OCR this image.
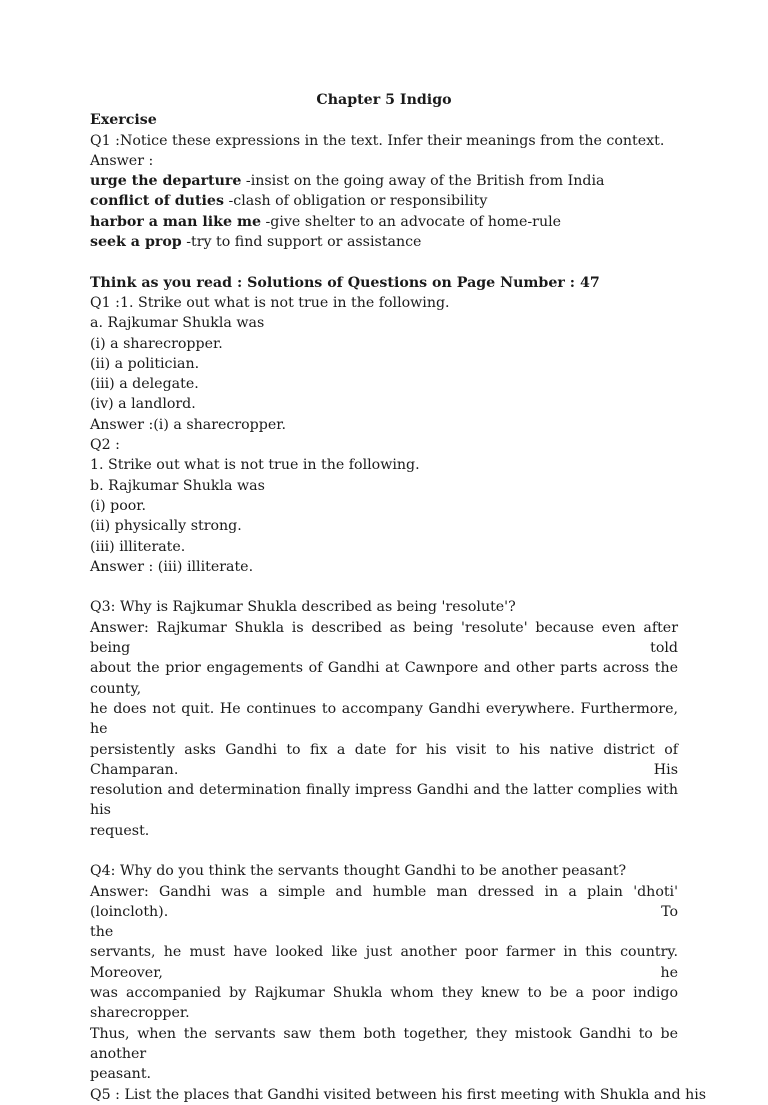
Chapter 5 Indigo
Exercise
Q1 :Notice these expressions in the text. Infer their meanings from the context.
Answer :
urge the departure -insist on the going away of the British from India
conflict of duties -clash of obligation or responsibility
harbor a man like me -give shelter to an advocate of home-rule
seek a prop -try to find support or assistance
Think as you read : Solutions of Questions on Page Number : 47
Q1 :1. Strike out what is not true in the following.
a. Rajkumar Shukla was
(i) a sharecropper.
(ii) a politician.
(iii) a delegate.
(iv) a landlord.
Answer :(i) a sharecropper.
Q2 :
1. Strike out what is not true in the following.
b. Rajkumar Shukla was
(i) poor.
(ii) physically strong.
(iii) illiterate.
Answer : (iii) illiterate.
Q3: Why is Rajkumar Shukla described as being 'resolute'?
Answer: Rajkumar Shukla is described as being 'resolute' because even after being told
about the prior engagements of Gandhi at Cawnpore and other parts across the county,
he does not quit. He continues to accompany Gandhi everywhere. Furthermore, he
persistently asks Gandhi to fix a date for his visit to his native district of Champaran. His
resolution and determination finally impress Gandhi and the latter complies with his
request.
Q4: Why do you think the servants thought Gandhi to be another peasant?
Answer: Gandhi was a simple and humble man dressed in a plain 'dhoti' (loincloth). To
the
servants, he must have looked like just another poor farmer in this country. Moreover, he
was accompanied by Rajkumar Shukla whom they knew to be a poor indigo sharecropper.
Thus, when the servants saw them both together, they mistook Gandhi to be another
peasant.
Q5 : List the places that Gandhi visited between his first meeting with Shukla and his
